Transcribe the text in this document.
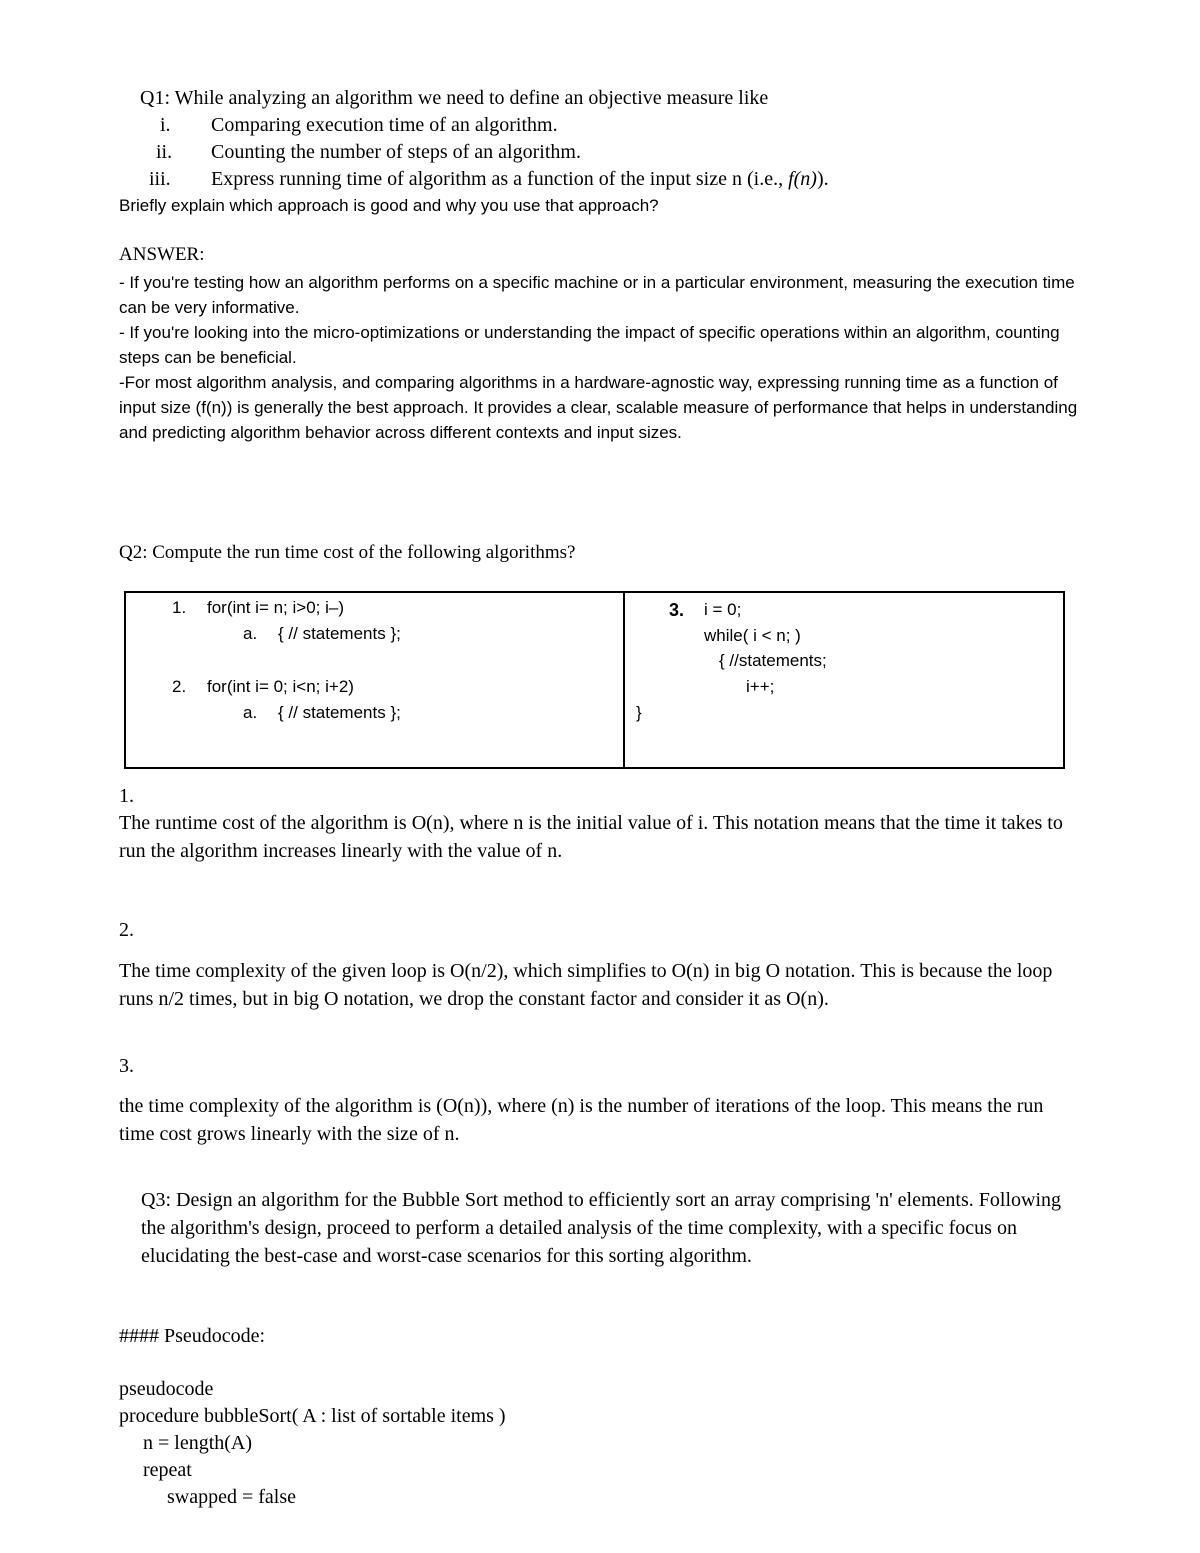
Q1: While analyzing an algorithm we need to define an objective measure like
i. Comparing execution time of an algorithm.
ii. Counting the number of steps of an algorithm.
iii. Express running time of algorithm as a function of the input size n (i.e., f(n)).
Briefly explain which approach is good and why you use that approach?
ANSWER:
- If you're testing how an algorithm performs on a specific machine or in a particular environment, measuring the execution time can be very informative.
- If you're looking into the micro-optimizations or understanding the impact of specific operations within an algorithm, counting steps can be beneficial.
-For most algorithm analysis, and comparing algorithms in a hardware-agnostic way, expressing running time as a function of input size (f(n)) is generally the best approach. It provides a clear, scalable measure of performance that helps in understanding and predicting algorithm behavior across different contexts and input sizes.
Q2: Compute the run time cost of the following algorithms?
1. for(int i= n; i>0; i–)
a. { // statements };
2. for(int i= 0; i<n; i+2)
a. { // statements };
3. i = 0;
while( i < n; )
{ //statements;
i++;
}
1.
The runtime cost of the algorithm is O(n), where n is the initial value of i. This notation means that the time it takes to run the algorithm increases linearly with the value of n.
2.
The time complexity of the given loop is O(n/2), which simplifies to O(n) in big O notation. This is because the loop runs n/2 times, but in big O notation, we drop the constant factor and consider it as O(n).
3.
the time complexity of the algorithm is (O(n)), where (n) is the number of iterations of the loop. This means the run time cost grows linearly with the size of n.
Q3: Design an algorithm for the Bubble Sort method to efficiently sort an array comprising 'n' elements. Following the algorithm's design, proceed to perform a detailed analysis of the time complexity, with a specific focus on elucidating the best-case and worst-case scenarios for this sorting algorithm.
#### Pseudocode:
pseudocode
procedure bubbleSort( A : list of sortable items )
n = length(A)
repeat
swapped = false
